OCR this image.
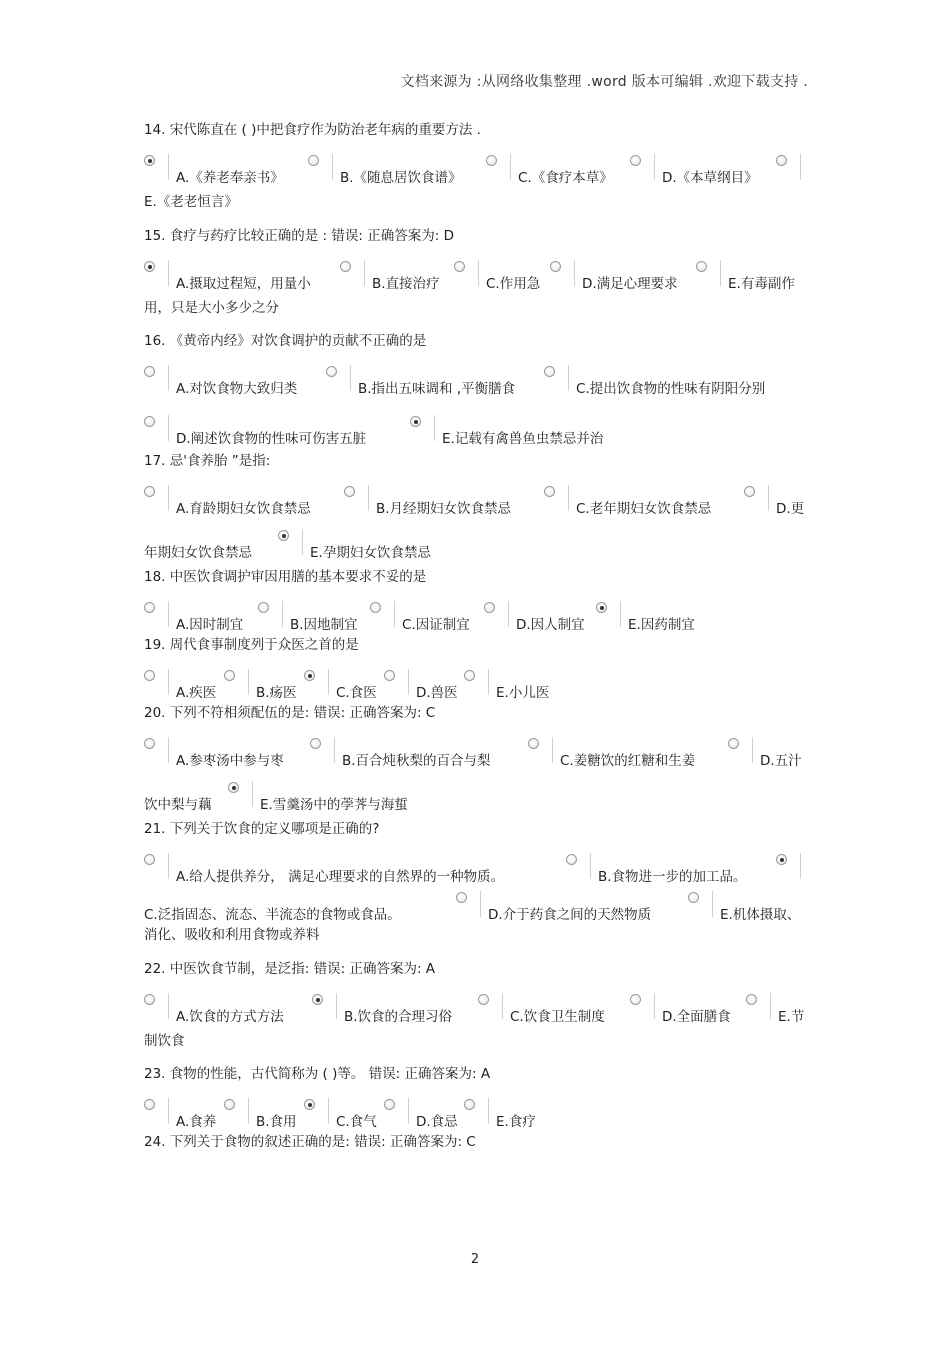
文档来源为 :从网络收集整理 .word 版本可编辑 .欢迎下载支持 .

14. 宋代陈直在 ( )中把食疗作为防治老年病的重要方法 .

A.《养老奉亲书》	B.《随息居饮食谱》	C.《食疗本草》	D.《本草纲目》

E.《老老恒言》

15. 食疗与药疗比较正确的是 : 错误: 正确答案为: D

A.摄取过程短，用量小	B.直接治疗	C.作用急	D.满足心理要求	E.有毒副作

用，只是大小多少之分

16. 《黄帝内经》对饮食调护的贡献不正确的是

A.对饮食物大致归类	B.指出五味调和 ,平衡膳食	C.提出饮食物的性味有阴阳分别
D.阐述饮食物的性味可伤害五脏	E.记载有禽兽鱼虫禁忌并治

17. 忌'食养胎 ”是指:

A.育龄期妇女饮食禁忌	B.月经期妇女饮食禁忌	C.老年期妇女饮食禁忌	D.更
年期妇女饮食禁忌	E.孕期妇女饮食禁忌

18. 中医饮食调护审因用膳的基本要求不妥的是

A.因时制宜	B.因地制宜	C.因证制宜	D.因人制宜	E.因药制宜

19. 周代食事制度列于众医之首的是

A.疾医	B.疡医	C.食医	D.兽医	E.小儿医

20. 下列不符相须配伍的是: 错误: 正确答案为: C

A.参枣汤中参与枣	B.百合炖秋梨的百合与梨	C.姜糖饮的红糖和生姜	D.五汁
饮中梨与藕	E.雪羹汤中的荸荠与海蜇

21. 下列关于饮食的定义哪项是正确的?

A.给人提供养分， 满足心理要求的自然界的一种物质。	B.食物进一步的加工品。
C.泛指固态、流态、半流态的食物或食品。	D.介于药食之间的天然物质	E.机体摄取、

消化、吸收和利用食物或养料

22. 中医饮食节制，是泛指: 错误: 正确答案为: A

A.饮食的方式方法	B.饮食的合理习俗	C.饮食卫生制度	D.全面膳食	E.节

制饮食

23. 食物的性能，古代简称为 ( )等。 错误: 正确答案为: A

A.食养	B.食用	C.食气	D.食忌	E.食疗

24. 下列关于食物的叙述正确的是: 错误: 正确答案为: C

2
